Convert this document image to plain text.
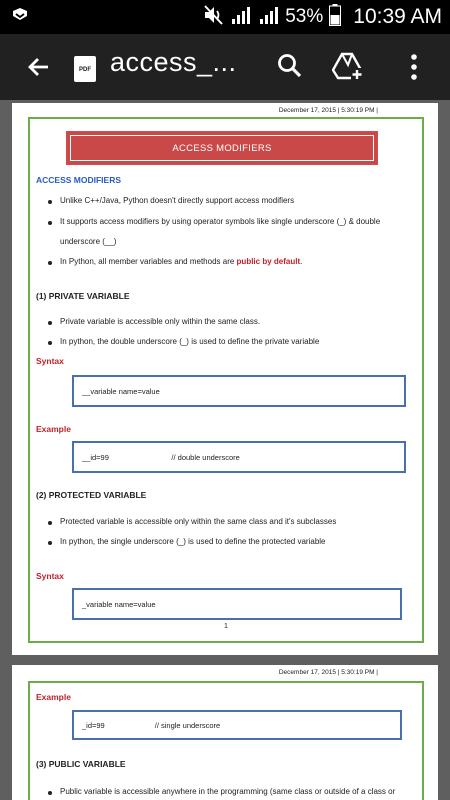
53% 10:39 AM
PDF access_...
December 17, 2015 | 5:30:19 PM |
ACCESS MODIFIERS
ACCESS MODIFIERS
Unlike C++/Java, Python doesn't directly support access modifiers
It supports access modifiers by using operator symbols like single underscore (_) & double
underscore (__)
In Python, all member variables and methods are public by default.
(1) PRIVATE VARIABLE
Private variable is accessible only within the same class.
In python, the double underscore (_) is used to define the private variable
Syntax
__variable name=value
Example
__id=99                              // double underscore
(2) PROTECTED VARIABLE
Protected variable is accessible only within the same class and it's subclasses
In python, the single underscore (_) is used to define the protected variable
Syntax
_variable name=value
1
December 17, 2015 | 5:30:19 PM |
Example
_id=99                        // single underscore
(3) PUBLIC VARIABLE
Public variable is accessible anywhere in the programming (same class or outside of a class or
